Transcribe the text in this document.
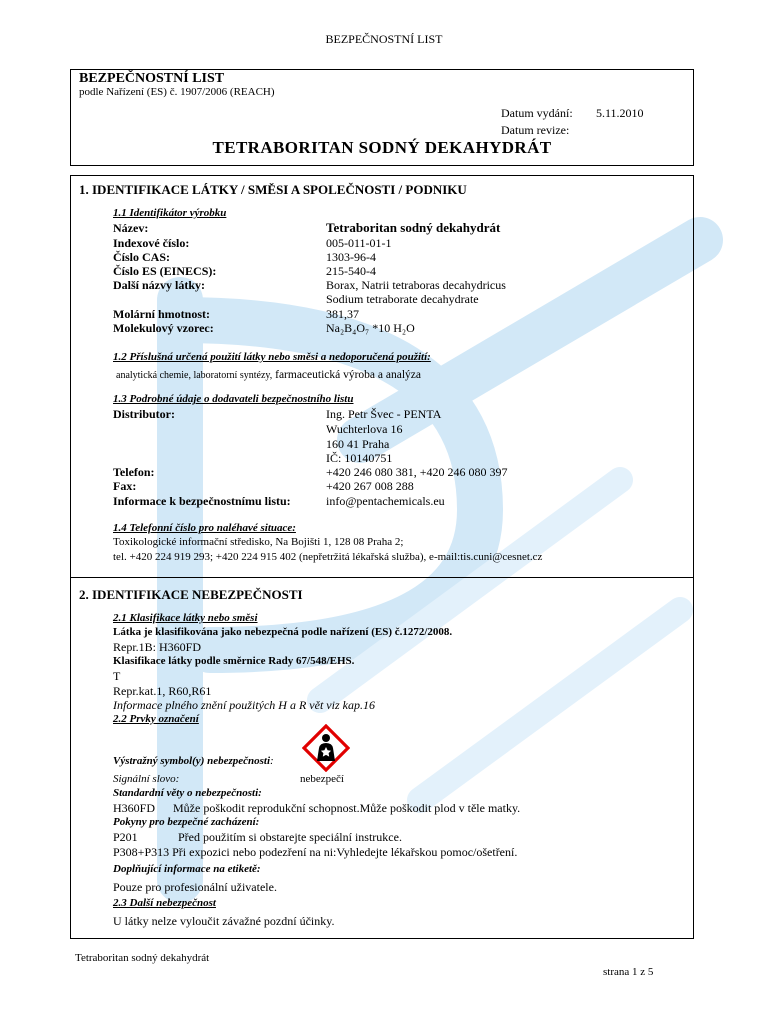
BEZPEČNOSTNÍ LIST
BEZPEČNOSTNÍ LIST
podle Nařízení (ES) č. 1907/2006 (REACH)
Datum vydání: 5.11.2010
Datum revize:
TETRABORITAN SODNÝ DEKAHYDRÁT
1. IDENTIFIKACE LÁTKY / SMĚSI A SPOLEČNOSTI / PODNIKU
1.1 Identifikátor výrobku
Název:	Tetraboritan sodný dekahydrát
Indexové číslo:	005-011-01-1
Číslo CAS:	1303-96-4
Číslo ES (EINECS):	215-540-4
Další názvy látky:	Borax, Natrii tetraboras decahydricus
Sodium tetraborate decahydrate
Molární hmotnost:	381,37
Molekulový vzorec:	Na₂B₄O₇ *10 H₂O
1.2 Příslušná určená použití látky nebo směsi a nedoporučená použití:
analytická chemie, laboratorní syntézy, farmaceutická výroba a analýza
1.3 Podrobné údaje o dodavateli bezpečnostního listu
Distributor:	Ing. Petr Švec - PENTA
Wuchterlova 16
160 41 Praha
IČ: 10140751
Telefon:	+420 246 080 381, +420 246 080 397
Fax:	+420 267 008 288
Informace k bezpečnostnímu listu:	info@pentachemicals.eu
1.4 Telefonní číslo pro naléhavé situace:
Toxikologické informační středisko, Na Bojišti 1, 128 08 Praha 2;
tel. +420 224 919 293; +420 224 915 402 (nepřetržitá lékařská služba), e-mail:tis.cuni@cesnet.cz
2. IDENTIFIKACE NEBEZPEČNOSTI
2.1 Klasifikace látky nebo směsi
Látka je klasifikována jako nebezpečná podle nařízení (ES) č.1272/2008.
Repr.1B: H360FD
Klasifikace látky podle směrnice Rady 67/548/EHS.
T
Repr.kat.1, R60,R61
Informace plného znění použitých H a R vět viz kap.16
2.2 Prvky označení
Výstražný symbol(y) nebezpečnosti:
Signální slovo:	nebezpečí
Standardní věty o nebezpečnosti:
H360FD Může poškodit reprodukční schopnost.Může poškodit plod v těle matky.
Pokyny pro bezpečné zacházení:
P201	Před použitím si obstarejte speciální instrukce.
P308+P313 Při expozici nebo podezření na ni:Vyhledejte lékařskou pomoc/ošetření.
Doplňující informace na etiketě:
Pouze pro profesionální uživatele.
2.3 Další nebezpečnost
U látky nelze vyloučit závažné pozdní účinky.
Tetraboritan sodný dekahydrát
strana 1 z 5
